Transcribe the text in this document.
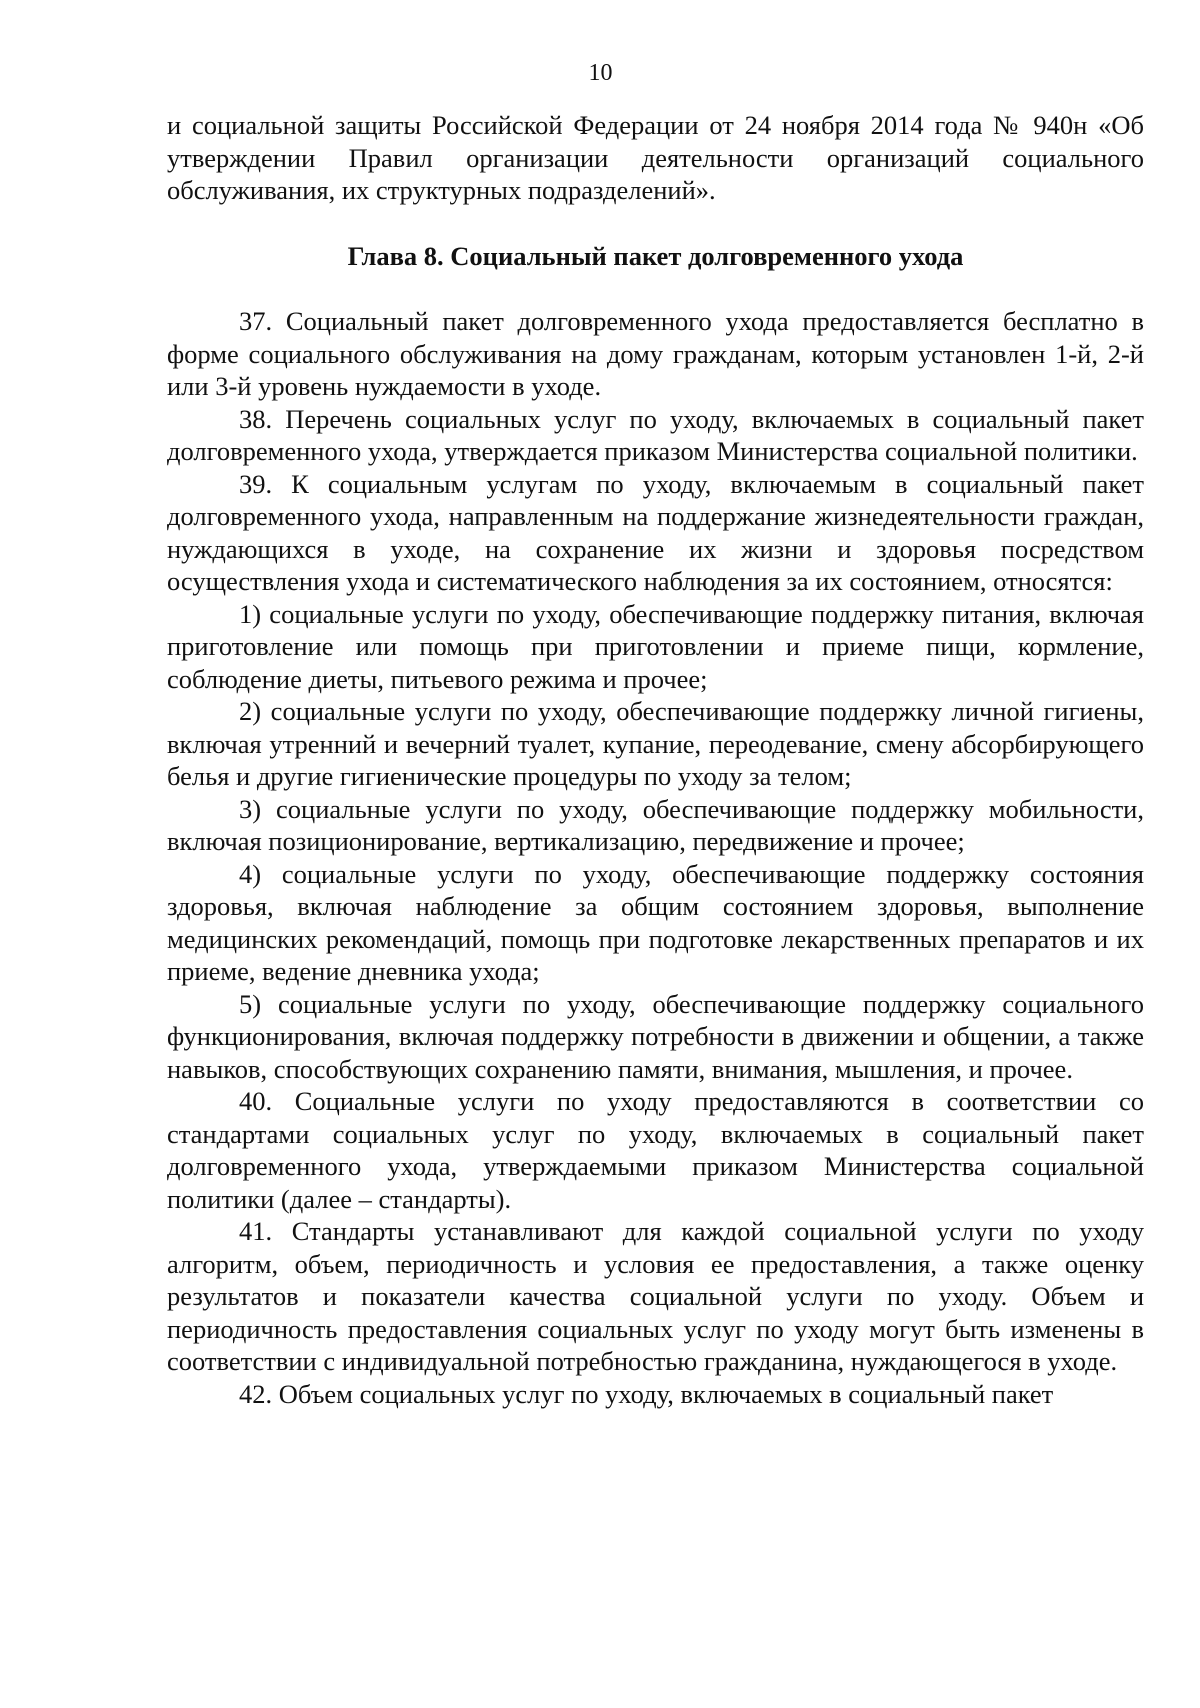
10

и социальной защиты Российской Федерации от 24 ноября 2014 года № 940н «Об утверждении Правил организации деятельности организаций социального обслуживания, их структурных подразделений».

Глава 8. Социальный пакет долговременного ухода

37. Социальный пакет долговременного ухода предоставляется бесплатно в форме социального обслуживания на дому гражданам, которым установлен 1-й, 2-й или 3-й уровень нуждаемости в уходе.

38. Перечень социальных услуг по уходу, включаемых в социальный пакет долговременного ухода, утверждается приказом Министерства социальной политики.

39. К социальным услугам по уходу, включаемым в социальный пакет долговременного ухода, направленным на поддержание жизнедеятельности граждан, нуждающихся в уходе, на сохранение их жизни и здоровья посредством осуществления ухода и систематического наблюдения за их состоянием, относятся:

1) социальные услуги по уходу, обеспечивающие поддержку питания, включая приготовление или помощь при приготовлении и приеме пищи, кормление, соблюдение диеты, питьевого режима и прочее;

2) социальные услуги по уходу, обеспечивающие поддержку личной гигиены, включая утренний и вечерний туалет, купание, переодевание, смену абсорбирующего белья и другие гигиенические процедуры по уходу за телом;

3) социальные услуги по уходу, обеспечивающие поддержку мобильности, включая позиционирование, вертикализацию, передвижение и прочее;

4) социальные услуги по уходу, обеспечивающие поддержку состояния здоровья, включая наблюдение за общим состоянием здоровья, выполнение медицинских рекомендаций, помощь при подготовке лекарственных препаратов и их приеме, ведение дневника ухода;

5) социальные услуги по уходу, обеспечивающие поддержку социального функционирования, включая поддержку потребности в движении и общении, а также навыков, способствующих сохранению памяти, внимания, мышления, и прочее.

40. Социальные услуги по уходу предоставляются в соответствии со стандартами социальных услуг по уходу, включаемых в социальный пакет долговременного ухода, утверждаемыми приказом Министерства социальной политики (далее – стандарты).

41. Стандарты устанавливают для каждой социальной услуги по уходу алгоритм, объем, периодичность и условия ее предоставления, а также оценку результатов и показатели качества социальной услуги по уходу. Объем и периодичность предоставления социальных услуг по уходу могут быть изменены в соответствии с индивидуальной потребностью гражданина, нуждающегося в уходе.

42. Объем социальных услуг по уходу, включаемых в социальный пакет
